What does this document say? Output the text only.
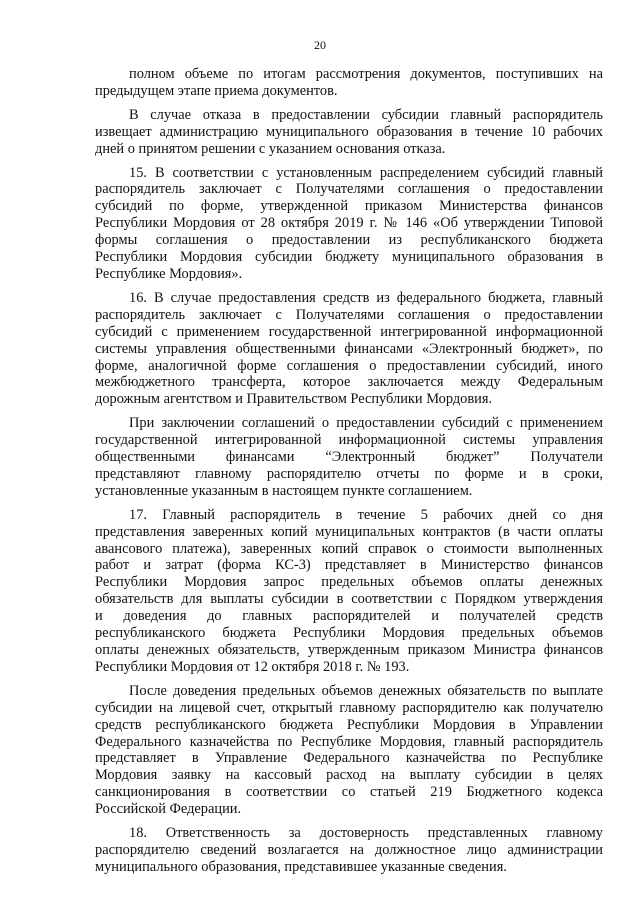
20
полном объеме по итогам рассмотрения документов, поступивших на
предыдущем этапе приема документов.
В случае отказа в предоставлении субсидии главный распорядитель
извещает администрацию муниципального образования в течение 10 рабочих
дней о принятом решении с указанием основания отказа.
15. В соответствии с установленным распределением субсидий главный
распорядитель заключает с Получателями соглашения о предоставлении
субсидий по форме, утвержденной приказом Министерства финансов
Республики Мордовия от 28 октября 2019 г. № 146 «Об утверждении Типовой
формы соглашения о предоставлении из республиканского бюджета
Республики Мордовия субсидии бюджету муниципального образования в
Республике Мордовия».
16. В случае предоставления средств из федерального бюджета, главный
распорядитель заключает с Получателями соглашения о предоставлении
субсидий с применением государственной интегрированной информационной
системы управления общественными финансами «Электронный бюджет», по
форме, аналогичной форме соглашения о предоставлении субсидий, иного
межбюджетного трансферта, которое заключается между Федеральным
дорожным агентством и Правительством Республики Мордовия.
При заключении соглашений о предоставлении субсидий с применением
государственной интегрированной информационной системы управления
общественными финансами “Электронный бюджет” Получатели
представляют главному распорядителю отчеты по форме и в сроки,
установленные указанным в настоящем пункте соглашением.
17. Главный распорядитель в течение 5 рабочих дней со дня
представления заверенных копий муниципальных контрактов (в части оплаты
авансового платежа), заверенных копий справок о стоимости выполненных
работ и затрат (форма КС-3) представляет в Министерство финансов
Республики Мордовия запрос предельных объемов оплаты денежных
обязательств для выплаты субсидии в соответствии с Порядком утверждения
и доведения до главных распорядителей и получателей средств
республиканского бюджета Республики Мордовия предельных объемов
оплаты денежных обязательств, утвержденным приказом Министра финансов
Республики Мордовия от 12 октября 2018 г. № 193.
После доведения предельных объемов денежных обязательств по выплате
субсидии на лицевой счет, открытый главному распорядителю как получателю
средств республиканского бюджета Республики Мордовия в Управлении
Федерального казначейства по Республике Мордовия, главный распорядитель
представляет в Управление Федерального казначейства по Республике
Мордовия заявку на кассовый расход на выплату субсидии в целях
санкционирования в соответствии со статьей 219 Бюджетного кодекса
Российской Федерации.
18. Ответственность за достоверность представленных главному
распорядителю сведений возлагается на должностное лицо администрации
муниципального образования, представившее указанные сведения.
